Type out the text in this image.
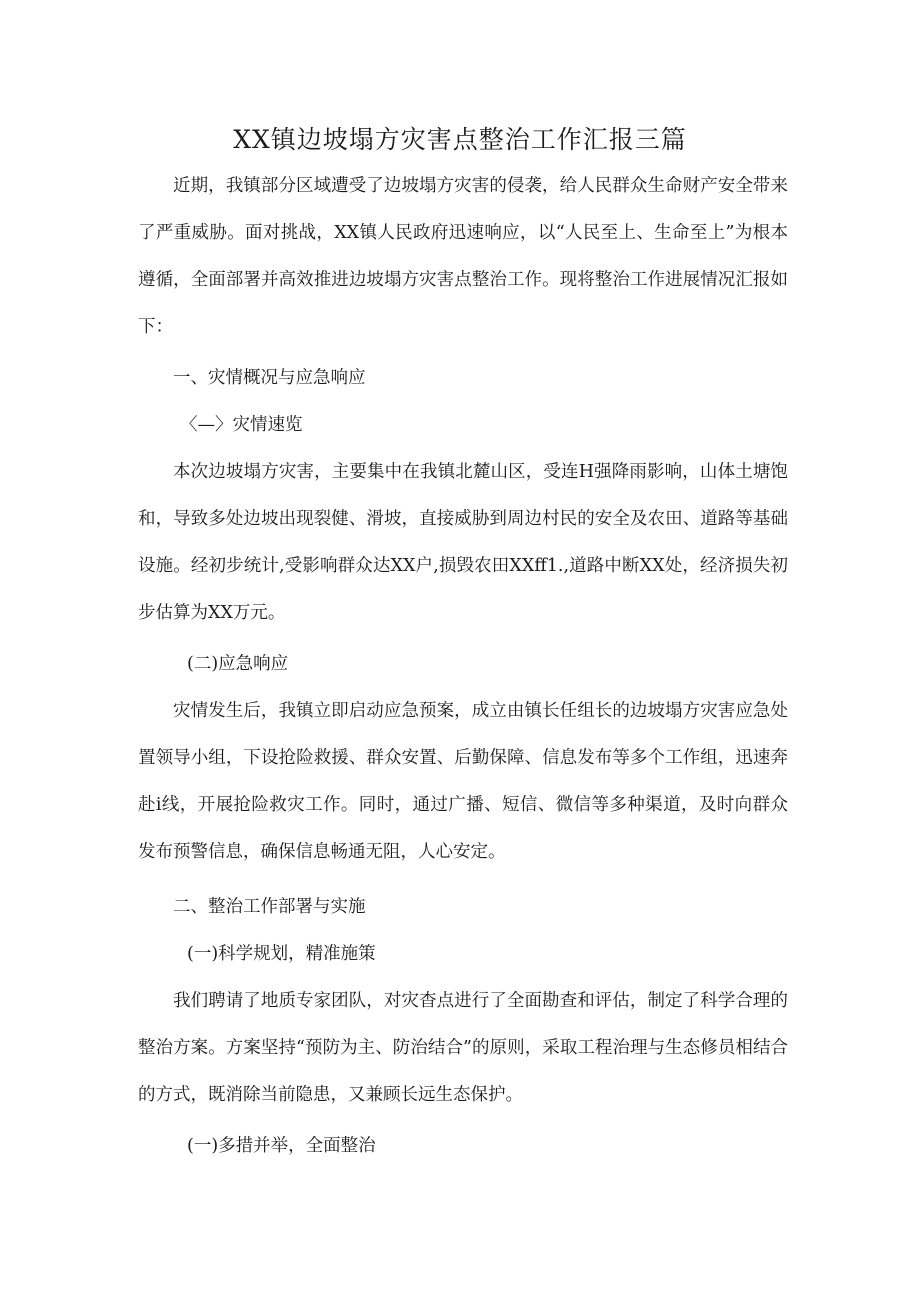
XX镇边坡塌方灾害点整治工作汇报三篇

近期，我镇部分区域遭受了边坡塌方灾害的侵袭，给人民群众生命财产安全带来了严重威胁。面对挑战，XX镇人民政府迅速响应，以“人民至上、生命至上”为根本遵循，全面部署并高效推进边坡塌方灾害点整治工作。现将整治工作进展情况汇报如下：

一、灾情概况与应急响应

〈—〉灾情速览

本次边坡塌方灾害，主要集中在我镇北麓山区，受连H强降雨影响，山体土塘饱和，导致多处边坡出现裂健、滑坡，直接威胁到周边村民的安全及农田、道路等基础设施。经初步统计,受影响群众达XX户,损毁农田XXff1.,道路中断XX处，经济损失初步估算为XX万元。

(二)应急响应

灾情发生后，我镇立即启动应急预案，成立由镇长任组长的边坡塌方灾害应急处置领导小组，下设抢险救援、群众安置、后勤保障、信息发布等多个工作组，迅速奔赴i线，开展抢险救灾工作。同时，通过广播、短信、微信等多种渠道，及时向群众发布预警信息，确保信息畅通无阻，人心安定。

二、整治工作部署与实施

(一)科学规划，精准施策

我们聘请了地质专家团队，对灾杳点进行了全面勘查和评估，制定了科学合理的整治方案。方案坚持“预防为主、防治结合”的原则，采取工程治理与生态修员相结合的方式，既消除当前隐患，又兼顾长远生态保护。

(一)多措并举，全面整治
